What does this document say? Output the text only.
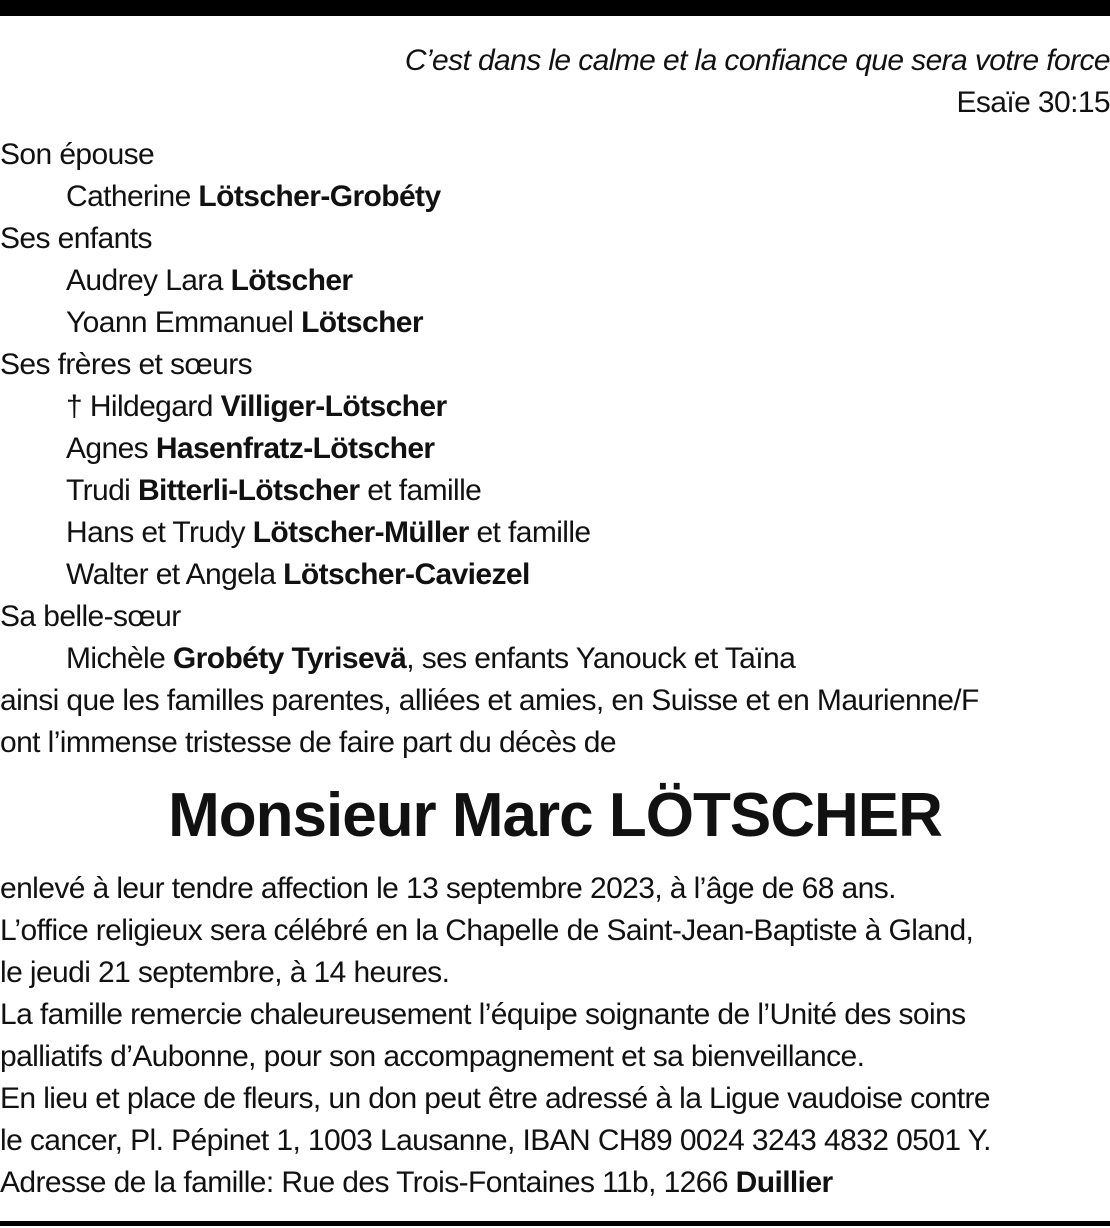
C’est dans le calme et la confiance que sera votre force
Esaïe 30:15
Son épouse
Catherine Lötscher-Grobéty
Ses enfants
Audrey Lara Lötscher
Yoann Emmanuel Lötscher
Ses frères et sœurs
† Hildegard Villiger-Lötscher
Agnes Hasenfratz-Lötscher
Trudi Bitterli-Lötscher et famille
Hans et Trudy Lötscher-Müller et famille
Walter et Angela Lötscher-Caviezel
Sa belle-sœur
Michèle Grobéty Tyrisevä, ses enfants Yanouck et Taïna
ainsi que les familles parentes, alliées et amies, en Suisse et en Maurienne/F
ont l’immense tristesse de faire part du décès de
Monsieur Marc LÖTSCHER
enlevé à leur tendre affection le 13 septembre 2023, à l’âge de 68 ans.
L’office religieux sera célébré en la Chapelle de Saint-Jean-Baptiste à Gland,
le jeudi 21 septembre, à 14 heures.
La famille remercie chaleureusement l’équipe soignante de l’Unité des soins
palliatifs d’Aubonne, pour son accompagnement et sa bienveillance.
En lieu et place de fleurs, un don peut être adressé à la Ligue vaudoise contre
le cancer, Pl. Pépinet 1, 1003 Lausanne, IBAN CH89 0024 3243 4832 0501 Y.
Adresse de la famille: Rue des Trois-Fontaines 11b, 1266 Duillier
